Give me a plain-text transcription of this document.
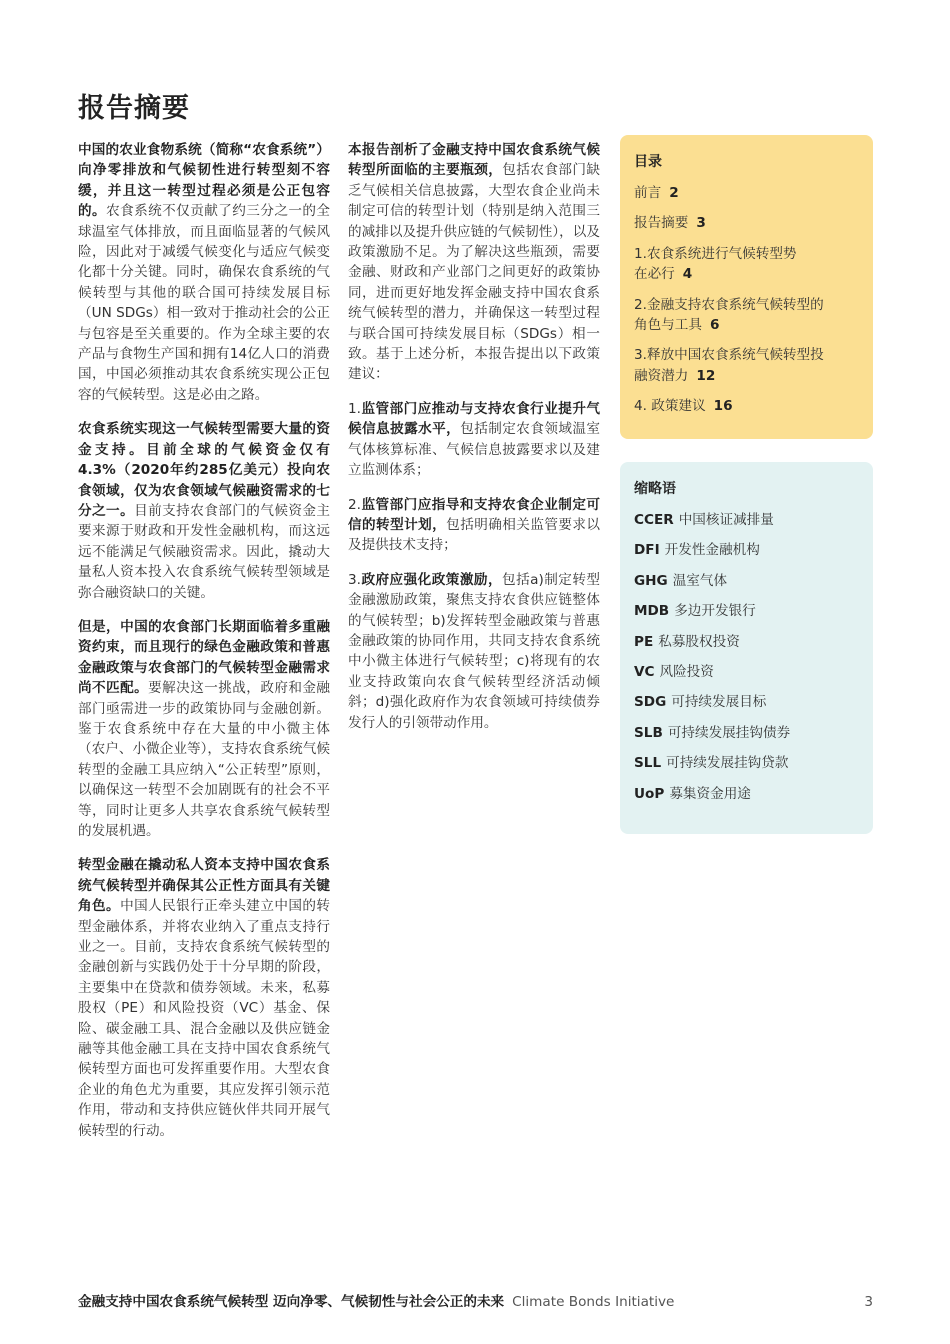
报告摘要

中国的农业食物系统（简称“农食系统”）向净零排放和气候韧性进行转型刻不容缓，并且这一转型过程必须是公正包容的。农食系统不仅贡献了约三分之一的全球温室气体排放，而且面临显著的气候风险，因此对于减缓气候变化与适应气候变化都十分关键。同时，确保农食系统的气候转型与其他的联合国可持续发展目标（UN SDGs）相一致对于推动社会的公正与包容是至关重要的。作为全球主要的农产品与食物生产国和拥有14亿人口的消费国，中国必须推动其农食系统实现公正包容的气候转型。这是必由之路。

农食系统实现这一气候转型需要大量的资金支持。目前全球的气候资金仅有4.3%（2020年约285亿美元）投向农食领域，仅为农食领域气候融资需求的七分之一。目前支持农食部门的气候资金主要来源于财政和开发性金融机构，而这远远不能满足气候融资需求。因此，撬动大量私人资本投入农食系统气候转型领域是弥合融资缺口的关键。

但是，中国的农食部门长期面临着多重融资约束，而且现行的绿色金融政策和普惠金融政策与农食部门的气候转型金融需求尚不匹配。要解决这一挑战，政府和金融部门亟需进一步的政策协同与金融创新。鉴于农食系统中存在大量的中小微主体（农户、小微企业等），支持农食系统气候转型的金融工具应纳入“公正转型”原则，以确保这一转型不会加剧既有的社会不平等，同时让更多人共享农食系统气候转型的发展机遇。

转型金融在撬动私人资本支持中国农食系统气候转型并确保其公正性方面具有关键角色。中国人民银行正牵头建立中国的转型金融体系，并将农业纳入了重点支持行业之一。目前，支持农食系统气候转型的金融创新与实践仍处于十分早期的阶段，主要集中在贷款和债券领域。未来，私募股权（PE）和风险投资（VC）基金、保险、碳金融工具、混合金融以及供应链金融等其他金融工具在支持中国农食系统气候转型方面也可发挥重要作用。大型农食企业的角色尤为重要，其应发挥引领示范作用，带动和支持供应链伙伴共同开展气候转型的行动。

本报告剖析了金融支持中国农食系统气候转型所面临的主要瓶颈，包括农食部门缺乏气候相关信息披露，大型农食企业尚未制定可信的转型计划（特别是纳入范围三的减排以及提升供应链的气候韧性），以及政策激励不足。为了解决这些瓶颈，需要金融、财政和产业部门之间更好的政策协同，进而更好地发挥金融支持中国农食系统气候转型的潜力，并确保这一转型过程与联合国可持续发展目标（SDGs）相一致。基于上述分析，本报告提出以下政策建议：

1.监管部门应推动与支持农食行业提升气候信息披露水平，包括制定农食领域温室气体核算标准、气候信息披露要求以及建立监测体系；

2.监管部门应指导和支持农食企业制定可信的转型计划，包括明确相关监管要求以及提供技术支持；

3.政府应强化政策激励，包括a)制定转型金融激励政策，聚焦支持农食供应链整体的气候转型；b)发挥转型金融政策与普惠金融政策的协同作用，共同支持农食系统中小微主体进行气候转型；c)将现有的农业支持政策向农食气候转型经济活动倾斜；d)强化政府作为农食领域可持续债券发行人的引领带动作用。

目录
前言 2
报告摘要 3
1.农食系统进行气候转型势在必行 4
2.金融支持农食系统气候转型的角色与工具 6
3.释放中国农食系统气候转型投融资潜力 12
4. 政策建议 16
缩略语
CCER 中国核证减排量
DFI 开发性金融机构
GHG 温室气体
MDB 多边开发银行
PE 私募股权投资
VC 风险投资
SDG 可持续发展目标
SLB 可持续发展挂钩债券
SLL 可持续发展挂钩贷款
UoP 募集资金用途
金融支持中国农食系统气候转型 迈向净零、气候韧性与社会公正的未来 Climate Bonds Initiative	3
